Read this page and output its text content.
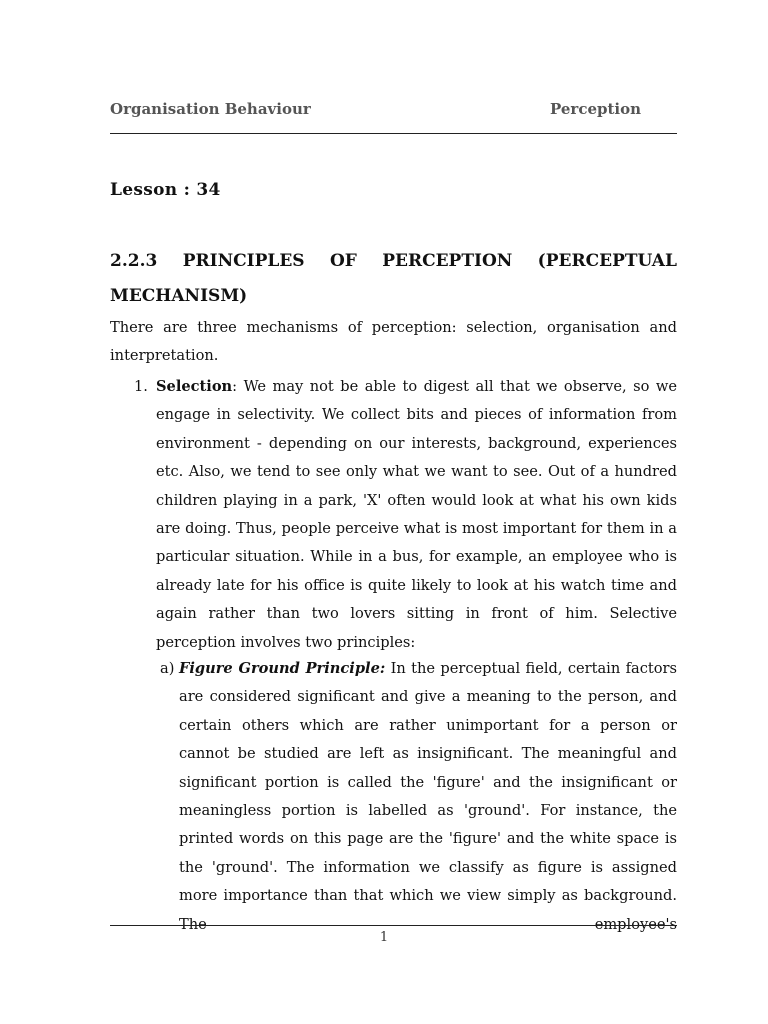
Organisation Behaviour	Perception
Lesson : 34
2.2.3 PRINCIPLES OF PERCEPTION (PERCEPTUAL
MECHANISM)

There are three mechanisms of perception: selection, organisation and interpretation.

1. Selection: We may not be able to digest all that we observe, so we engage in selectivity. We collect bits and pieces of information from environment - depending on our interests, background, experiences etc. Also, we tend to see only what we want to see. Out of a hundred children playing in a park, 'X' often would look at what his own kids are doing. Thus, people perceive what is most important for them in a particular situation. While in a bus, for example, an employee who is already late for his office is quite likely to look at his watch time and again rather than two lovers sitting in front of him. Selective perception involves two principles:

a) Figure Ground Principle: In the perceptual field, certain factors are considered significant and give a meaning to the person, and certain others which are rather unimportant for a person or cannot be studied are left as insignificant. The meaningful and significant portion is called the 'figure' and the insignificant or meaningless portion is labelled as 'ground'. For instance, the printed words on this page are the 'figure' and the white space is the 'ground'. The information we classify as figure is assigned more importance than that which we view simply as background. The employee's

1
